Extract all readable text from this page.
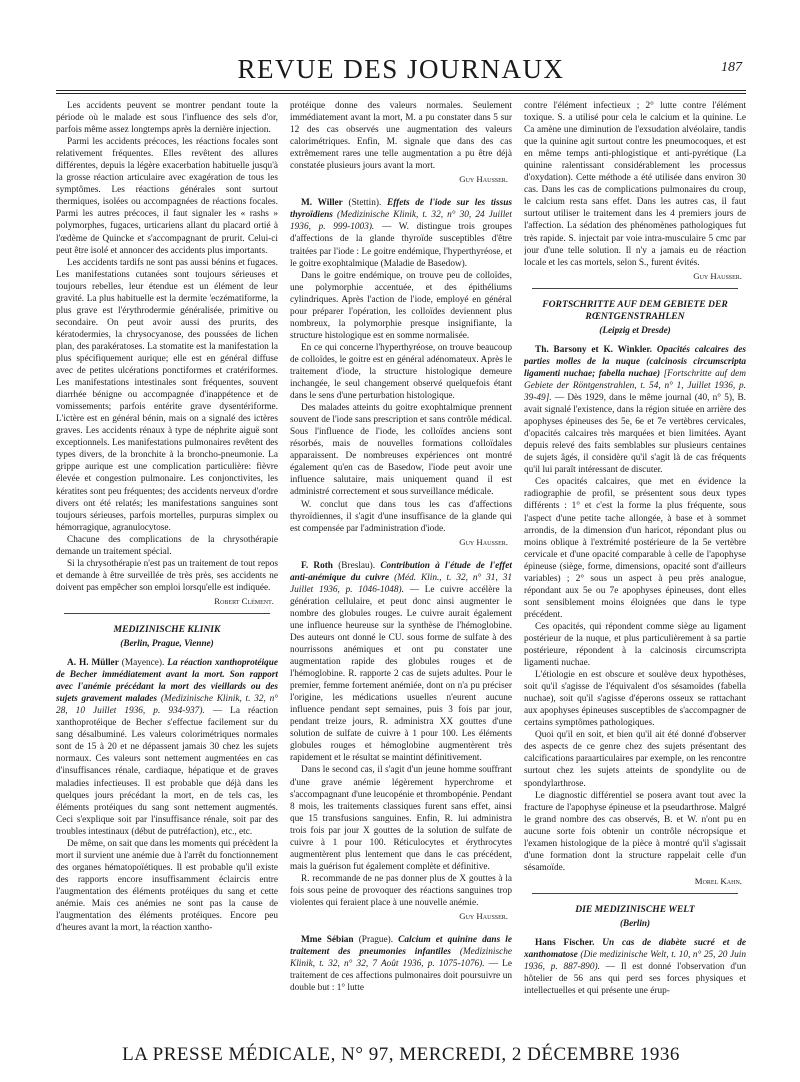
REVUE DES JOURNAUX	187

Les accidents peuvent se montrer pendant toute la période où le malade est sous l'influence des sels d'or, parfois même assez longtemps après la dernière injection.

Parmi les accidents précoces, les réactions focales sont relativement fréquentes. Elles revêtent des allures différentes, depuis la légère exacerbation habituelle jusqu'à la grosse réaction articulaire avec exagération de tous les symptômes. Les réactions générales sont surtout thermiques, isolées ou accompagnées de réactions focales. Parmi les autres précoces, il faut signaler les « rashs » polymorphes, fugaces, urticariens allant du placard ortié à l'œdème de Quincke et s'accompagnant de prurit. Celui-ci peut être isolé et annoncer des accidents plus importants.

Les accidents tardifs ne sont pas aussi bénins et fugaces. Les manifestations cutanées sont toujours sérieuses et toujours rebelles, leur étendue est un élément de leur gravité. La plus habituelle est la dermite 'eczématiforme, la plus grave est l'érythrodermie généralisée, primitive ou secondaire. On peut avoir aussi des prurits, des kératodermies, la chrysocyanose, des poussées de lichen plan, des parakératoses. La stomatite est la manifestation la plus spécifiquement aurique; elle est en général diffuse avec de petites ulcérations ponctiformes et cratériformes. Les manifestations intestinales sont fréquentes, souvent diarrhée bénigne ou accompagnée d'inappétence et de vomissements; parfois entérite grave dysentériforme. L'ictère est en général bénin, mais on a signalé des ictères graves. Les accidents rénaux à type de néphrite aiguë sont exceptionnels. Les manifestations pulmonaires revêtent des types divers, de la bronchite à la broncho-pneumonie. La grippe aurique est une complication particulière: fièvre élevée et congestion pulmonaire. Les conjonctivites, les kératites sont peu fréquentes; des accidents nerveux d'ordre divers ont été relatés; les manifestations sanguines sont toujours sérieuses, parfois mortelles, purpuras simplex ou hémorragique, agranulocytose.

Chacune des complications de la chrysothérapie demande un traitement spécial.

Si la chrysothérapie n'est pas un traitement de tout repos et demande à être surveillée de très près, ses accidents ne doivent pas empêcher son emploi lorsqu'elle est indiquée.

Robert Clément.

MEDIZINISCHE KLINIK

(Berlin, Prague, Vienne)

A. H. Müller (Mayence). La réaction xanthoprotéique de Becher immédiatement avant la mort. Son rapport avec l'anémie précédant la mort des vieillards ou des sujets gravement malades (Medizinische Klinik, t. 32, n° 28, 10 Juillet 1936, p. 934-937). — La réaction xanthoprotéique de Becher s'effectue facilement sur du sang désalbuminé. Les valeurs colorimétriques normales sont de 15 à 20 et ne dépassent jamais 30 chez les sujets normaux. Ces valeurs sont nettement augmentées en cas d'insuffisances rénale, cardiaque, hépatique et de graves maladies infectieuses. Il est probable que déjà dans les quelques jours précédant la mort, en de tels cas, les éléments protéiques du sang sont nettement augmentés. Ceci s'explique soit par l'insuffisance rénale, soit par des troubles intestinaux (début de putréfaction), etc., etc.

De même, on sait que dans les moments qui précèdent la mort il survient une anémie due à l'arrêt du fonctionnement des organes hématopoïétiques. Il est probable qu'il existe des rapports encore insuffisamment éclaircis entre l'augmentation des éléments protéiques du sang et cette anémie. Mais ces anémies ne sont pas la cause de l'augmentation des éléments protéiques. Encore peu d'heures avant la mort, la réaction xantho-

protéique donne des valeurs normales. Seulement immédiatement avant la mort, M. a pu constater dans 5 sur 12 des cas observés une augmentation des valeurs calorimétriques. Enfin, M. signale que dans des cas extrêmement rares une telle augmentation a pu être déjà constatée plusieurs jours avant la mort.

Guy Hausser.

M. Willer (Stettin). Effets de l'iode sur les tissus thyroïdiens (Medizinische Klinik, t. 32, n° 30, 24 Juillet 1936, p. 999-1003). — W. distingue trois groupes d'affections de la glande thyroïde susceptibles d'être traitées par l'iode : Le goitre endémique, l'hyperthyréose, et le goitre exophtalmique (Maladie de Basedow).

Dans le goitre endémique, on trouve peu de colloïdes, une polymorphie accentuée, et des épithéliums cylindriques. Après l'action de l'iode, employé en général pour préparer l'opération, les colloïdes deviennent plus nombreux, la polymorphie presque insignifiante, la structure histologique est en somme normalisée.

En ce qui concerne l'hyperthyréose, on trouve beaucoup de colloïdes, le goitre est en général adénomateux. Après le traitement d'iode, la structure histologique demeure inchangée, le seul changement observé quelquefois étant dans le sens d'une perturbation histologique.

Des malades atteints du goitre exophtalmique prennent souvent de l'iode sans prescription et sans contrôle médical. Sous l'influence de l'iode, les colloïdes anciens sont résorbés, mais de nouvelles formations colloïdales apparaissent. De nombreuses expériences ont montré également qu'en cas de Basedow, l'iode peut avoir une influence salutaire, mais uniquement quand il est administré correctement et sous surveillance médicale.

W. conclut que dans tous les cas d'affections thyroïdiennes, il s'agit d'une insuffisance de la glande qui est compensée par l'administration d'iode.

Guy Hausser.

F. Roth (Breslau). Contribution à l'étude de l'effet anti-anémique du cuivre (Méd. Klin., t. 32, n° 31, 31 Juillet 1936, p. 1046-1048). — Le cuivre accélère la génération cellulaire, et peut donc ainsi augmenter le nombre des globules rouges. Le cuivre aurait également une influence heureuse sur la synthèse de l'hémoglobine. Des auteurs ont donné le CU. sous forme de sulfate à des nourrissons anémiques et ont pu constater une augmentation rapide des globules rouges et de l'hémoglobine. R. rapporte 2 cas de sujets adultes. Pour le premier, femme fortement anémiée, dont on n'a pu préciser l'origine, les médications usuelles n'eurent aucune influence pendant sept semaines, puis 3 fois par jour, pendant treize jours, R. administra XX gouttes d'une solution de sulfate de cuivre à 1 pour 100. Les éléments globules rouges et hémoglobine augmentèrent très rapidement et le résultat se maintint définitivement.

Dans le second cas, il s'agit d'un jeune homme souffrant d'une grave anémie légèrement hyperchrome et s'accompagnant d'une leucopénie et thrombopénie. Pendant 8 mois, les traitements classiques furent sans effet, ainsi que 15 transfusions sanguines. Enfin, R. lui administra trois fois par jour X gouttes de la solution de sulfate de cuivre à 1 pour 100. Réticulocytes et érythrocytes augmentèrent plus lentement que dans le cas précédent, mais la guérison fut également complète et définitive.

R. recommande de ne pas donner plus de X gouttes à la fois sous peine de provoquer des réactions sanguines trop violentes qui feraient place à une nouvelle anémie.

Guy Hausser.

Mme Sébian (Prague). Calcium et quinine dans le traitement des pneumonies infantiles (Medizinische Klinik, t. 32, n° 32, 7 Août 1936, p. 1075-1076). — Le traitement de ces affections pulmonaires doit poursuivre un double but : 1° lutte

contre l'élément infectieux ; 2° lutte contre l'élément toxique. S. a utilisé pour cela le calcium et la quinine. Le Ca amène une diminution de l'exsudation alvéolaire, tandis que la quinine agit surtout contre les pneumocoques, et est en même temps anti-phlogistique et anti-pyrétique (La quinine ralentissant considérablement les processus d'oxydation). Cette méthode a été utilisée dans environ 30 cas. Dans les cas de complications pulmonaires du croup, le calcium resta sans effet. Dans les autres cas, il faut surtout utiliser le traitement dans les 4 premiers jours de l'affection. La sédation des phénomènes pathologiques fut très rapide. S. injectait par voie intra-musculaire 5 cmc par jour d'une telle solution. Il n'y a jamais eu de réaction locale et les cas mortels, selon S., furent évités.

Guy Hausser.

FORTSCHRITTE AUF DEM GEBIETE DER RŒNTGENSTRAHLEN

(Leipzig et Dresde)

Th. Barsony et K. Winkler. Opacités calcaires des parties molles de la nuque (calcinosis circumscripta ligamenti nuchae; fabella nuchae) [Fortschritte auf dem Gebiete der Röntgenstrahlen, t. 54, n° 1, Juillet 1936, p. 39-49]. — Dès 1929, dans le même journal (40, n° 5), B. avait signalé l'existence, dans la région située en arrière des apophyses épineuses des 5e, 6e et 7e vertèbres cervicales, d'opacités calcaires très marquées et bien limitées. Ayant depuis relevé des faits semblables sur plusieurs centaines de sujets âgés, il considère qu'il s'agit là de cas fréquents qu'il lui paraît intéressant de discuter.

Ces opacités calcaires, que met en évidence la radiographie de profil, se présentent sous deux types différents : 1° et c'est la forme la plus fréquente, sous l'aspect d'une petite tache allongée, à base et à sommet arrondis, de la dimension d'un haricot, répondant plus ou moins oblique à l'extrémité postérieure de la 5e vertèbre cervicale et d'une opacité comparable à celle de l'apophyse épineuse (siège, forme, dimensions, opacité sont d'ailleurs variables) ; 2° sous un aspect à peu près analogue, répondant aux 5e ou 7e apophyses épineuses, dont elles sont sensiblement moins éloignées que dans le type précédent.

Ces opacités, qui répondent comme siège au ligament postérieur de la nuque, et plus particulièrement à sa partie postérieure, répondent à la calcinosis circumscripta ligamenti nuchae.

L'étiologie en est obscure et soulève deux hypothèses, soit qu'il s'agisse de l'équivalent d'os sésamoïdes (fabella nuchae), soit qu'il s'agisse d'éperons osseux se rattachant aux apophyses épineuses susceptibles de s'accompagner de certains symptômes pathologiques.

Quoi qu'il en soit, et bien qu'il ait été donné d'observer des aspects de ce genre chez des sujets présentant des calcifications paraarticulaires par exemple, on les rencontre surtout chez les sujets atteints de spondylite ou de spondylarthrose.

Le diagnostic différentiel se posera avant tout avec la fracture de l'apophyse épineuse et la pseudarthrose. Malgré le grand nombre des cas observés, B. et W. n'ont pu en aucune sorte fois obtenir un contrôle nécropsique et l'examen histologique de la pièce à montré qu'il s'agissait d'une formation dont la structure rappelait celle d'un sésamoïde.

Morel Kahn.

DIE MEDIZINISCHE WELT

(Berlin)

Hans Fischer. Un cas de diabète sucré et de xanthomatose (Die medizinische Welt, t. 10, n° 25, 20 Juin 1936, p. 887-890). — Il est donné l'observation d'un hôtelier de 56 ans qui perd ses forces physiques et intellectuelles et qui présente une érup-

LA PRESSE MÉDICALE, N° 97, MERCREDI, 2 DÉCEMBRE 1936
